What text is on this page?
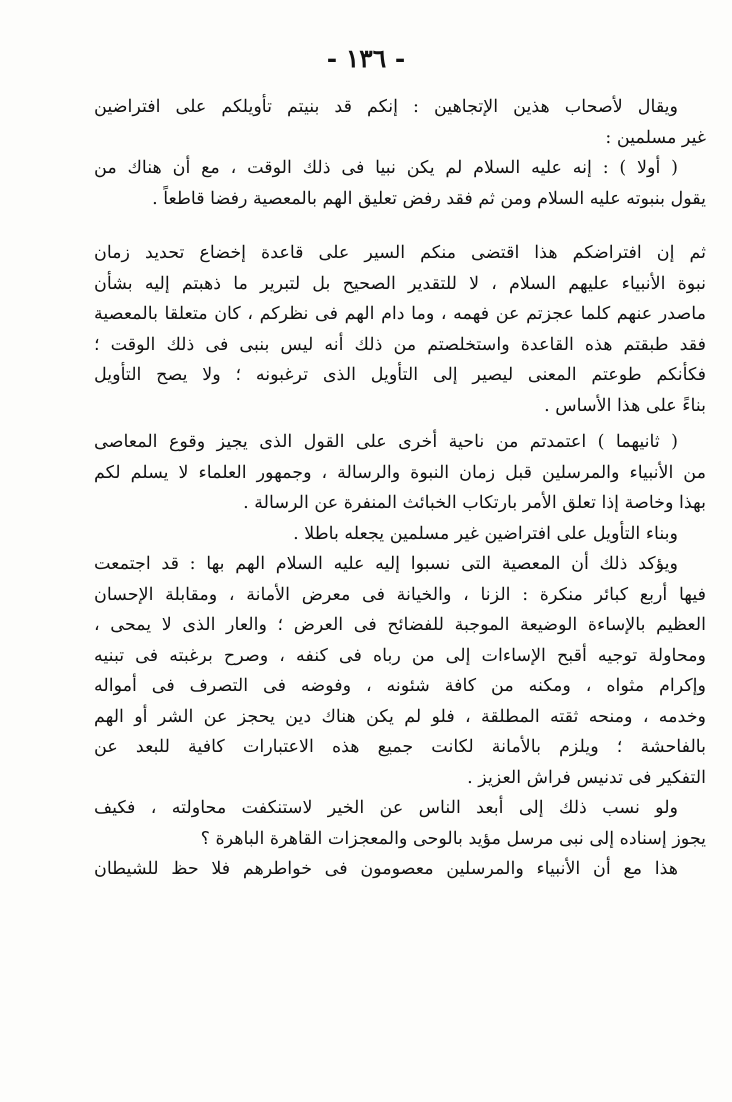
- ١٣٦ -
ويقال لأصحاب هذين الإتجاهين : إنكم قد بنيتم تأويلكم على افتراضين
غير مسلمين :
( أولا ) : إنه عليه السلام لم يكن نبيا فى ذلك الوقت ، مع أن هناك من
يقول بنبوته عليه السلام ومن ثم فقد رفض تعليق الهم بالمعصية رفضا قاطعاً .
ثم إن افتراضكم هذا اقتضى منكم السير على قاعدة إخضاع تحديد زمان
نبوة الأنبياء عليهم السلام ، لا للتقدير الصحيح بل لتبرير ما ذهبتم إليه بشأن
ماصدر عنهم كلما عجزتم عن فهمه ، وما دام الهم فى نظركم ، كان متعلقا بالمعصية
فقد طبقتم هذه القاعدة واستخلصتم من ذلك أنه ليس بنبى فى ذلك الوقت ؛
فكأنكم طوعتم المعنى ليصير إلى التأويل الذى ترغبونه ؛ ولا يصح التأويل
بناءً على هذا الأساس .
( ثانيهما ) اعتمدتم من ناحية أخرى على القول الذى يجيز وقوع المعاصى
من الأنبياء والمرسلين قبل زمان النبوة والرسالة ، وجمهور العلماء لا يسلم لكم
بهذا وخاصة إذا تعلق الأمر بارتكاب الخبائث المنفرة عن الرسالة .
وبناء التأويل على افتراضين غير مسلمين يجعله باطلا .
ويؤكد ذلك أن المعصية التى نسبوا إليه عليه السلام الهم بها : قد اجتمعت
فيها أربع كبائر منكرة : الزنا ، والخيانة فى معرض الأمانة ، ومقابلة الإحسان
العظيم بالإساءة الوضيعة الموجبة للفضائح فى العرض ؛ والعار الذى لا يمحى ،
ومحاولة توجيه أقبح الإساءات إلى من رباه فى كنفه ، وصرح برغبته فى تبنيه
وإكرام مثواه ، ومكنه من كافة شئونه ، وفوضه فى التصرف فى أمواله
وخدمه ، ومنحه ثقته المطلقة ، فلو لم يكن هناك دين يحجز عن الشر أو الهم
بالفاحشة ؛ ويلزم بالأمانة لكانت جميع هذه الاعتبارات كافية للبعد عن
التفكير فى تدنيس فراش العزيز .
ولو نسب ذلك إلى أبعد الناس عن الخير لاستنكفت محاولته ، فكيف
يجوز إسناده إلى نبى مرسل مؤيد بالوحى والمعجزات القاهرة الباهرة ؟
هذا مع أن الأنبياء والمرسلين معصومون فى خواطرهم فلا حظ للشيطان
